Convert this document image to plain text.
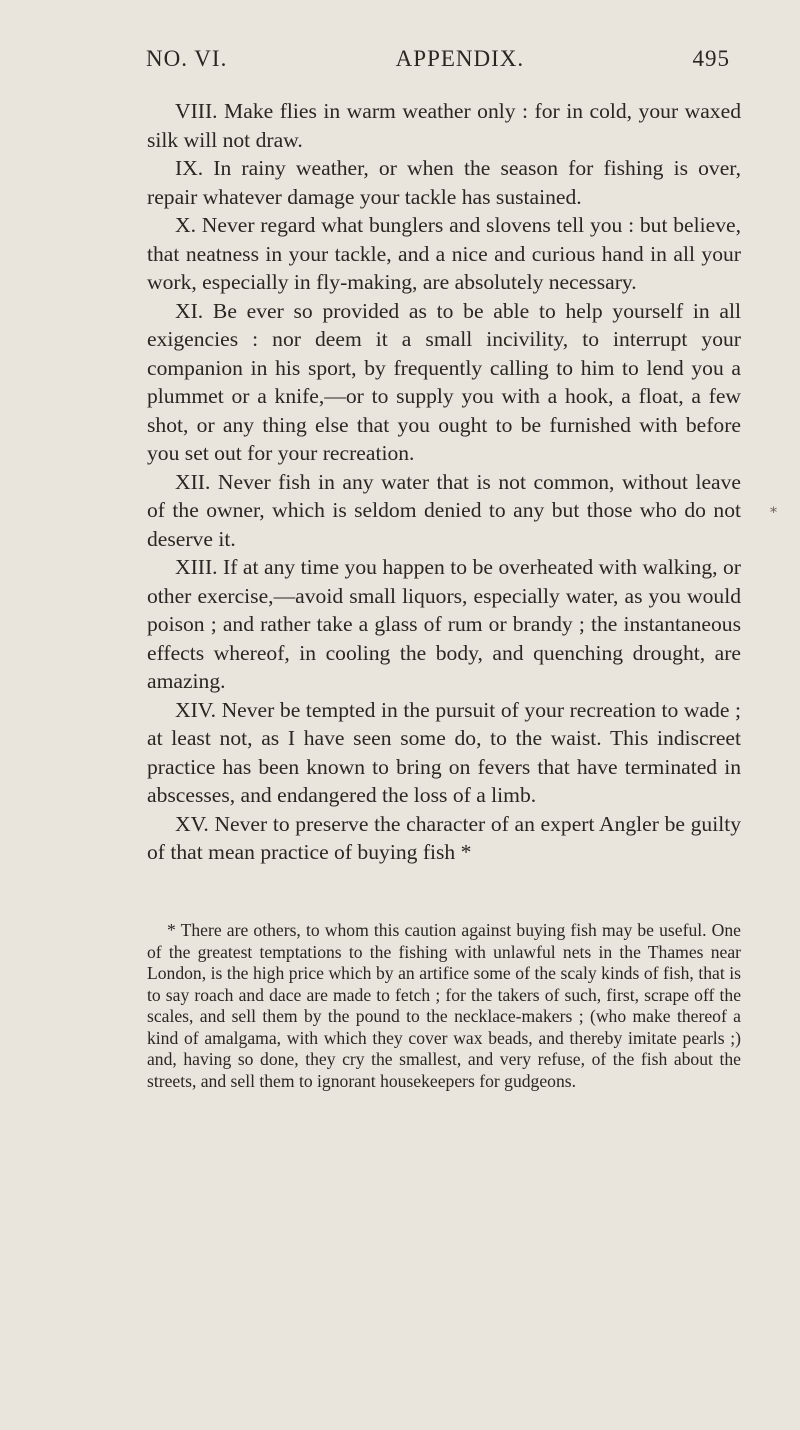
NO. VI.	APPENDIX.	495

VIII. Make flies in warm weather only : for in cold, your waxed silk will not draw.

IX. In rainy weather, or when the season for fishing is over, repair whatever damage your tackle has sustained.

X. Never regard what bunglers and slovens tell you : but believe, that neatness in your tackle, and a nice and curious hand in all your work, especially in fly-making, are absolutely necessary.

XI. Be ever so provided as to be able to help yourself in all exigencies : nor deem it a small incivility, to interrupt your companion in his sport, by frequently calling to him to lend you a plummet or a knife,—or to supply you with a hook, a float, a few shot, or any thing else that you ought to be furnished with before you set out for your recreation.

XII. Never fish in any water that is not common, without leave of the owner, which is seldom denied to any but those who do not deserve it.

XIII. If at any time you happen to be overheated with walking, or other exercise,—avoid small liquors, especially water, as you would poison ; and rather take a glass of rum or brandy ; the instantaneous effects whereof, in cooling the body, and quenching drought, are amazing.

XIV. Never be tempted in the pursuit of your recreation to wade ; at least not, as I have seen some do, to the waist. This indiscreet practice has been known to bring on fevers that have terminated in abscesses, and endangered the loss of a limb.

XV. Never to preserve the character of an expert Angler be guilty of that mean practice of buying fish *

*

* There are others, to whom this caution against buying fish may be useful. One of the greatest temptations to the fishing with unlawful nets in the Thames near London, is the high price which by an artifice some of the scaly kinds of fish, that is to say roach and dace are made to fetch ; for the takers of such, first, scrape off the scales, and sell them by the pound to the necklace-makers ; (who make thereof a kind of amalgama, with which they cover wax beads, and thereby imitate pearls ;) and, having so done, they cry the smallest, and very refuse, of the fish about the streets, and sell them to ignorant housekeepers for gudgeons.
